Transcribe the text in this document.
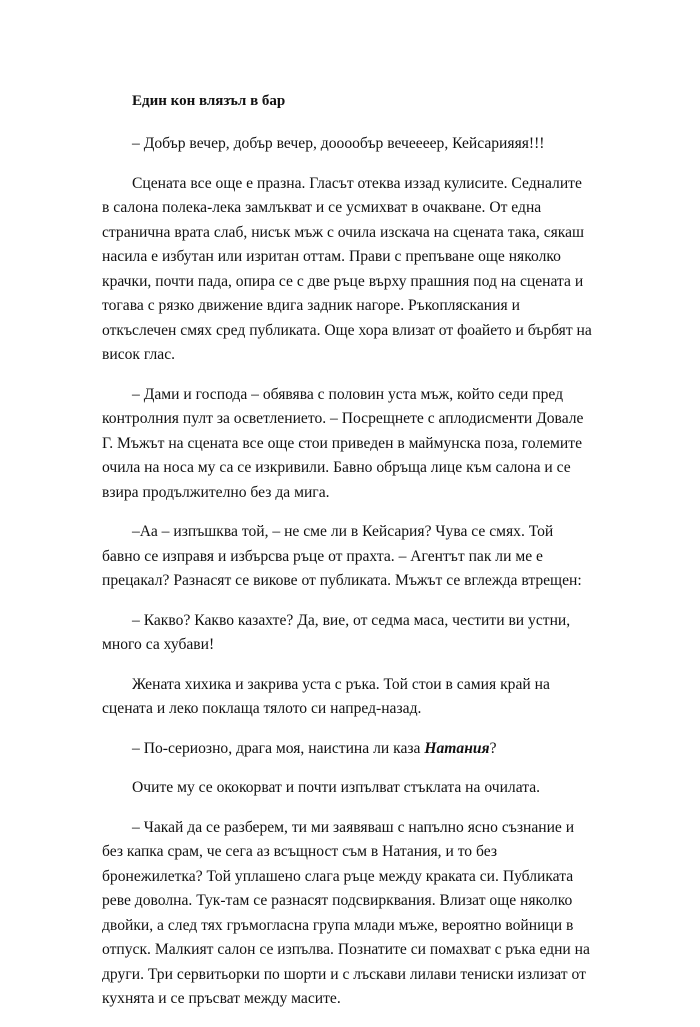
Един кон влязъл в бар
– Добър вечер, добър вечер, дооообър вечеееер, Кейсарияяя!!!
Сцената все още е празна. Гласът отеква иззад кулисите. Седналите
в салона полека-лека замлъкват и се усмихват в очакване. От една
странична врата слаб, нисък мъж с очила изскача на сцената така, сякаш
насила е избутан или изритан оттам. Прави с препъване още няколко
крачки, почти пада, опира се с две ръце върху прашния под на сцената и
тогава с рязко движение вдига задник нагоре. Ръкопляскания и
откъслечен смях сред публиката. Още хора влизат от фоайето и бърбят на
висок глас.
– Дами и господа – обявява с половин уста мъж, който седи пред
контролния пулт за осветлението. – Посрещнете с аплодисменти Довале
Г. Мъжът на сцената все още стои приведен в маймунска поза, големите
очила на носа му са се изкривили. Бавно обръща лице към салона и се
взира продължително без да мига.
–Аа – изпъшква той, – не сме ли в Кейсария? Чува се смях. Той
бавно се изправя и избърсва ръце от прахта. – Агентът пак ли ме е
прецакал? Разнасят се викове от публиката. Мъжът се вглежда втрещен:
– Какво? Какво казахте? Да, вие, от седма маса, честити ви устни,
много са хубави!
Жената хихика и закрива уста с ръка. Той стои в самия край на
сцената и леко поклаща тялото си напред-назад.
– По-сериозно, драга моя, наистина ли каза Натания?
Очите му се ококорват и почти изпълват стъклата на очилата.
– Чакай да се разберем, ти ми заявяваш с напълно ясно съзнание и
без капка срам, че сега аз всъщност съм в Натания, и то без
бронежилетка? Той уплашено слага ръце между краката си. Публиката
реве доволна. Тук-там се разнасят подсвирквания. Влизат още няколко
двойки, а след тях гръмогласна група млади мъже, вероятно войници в
отпуск. Малкият салон се изпълва. Познатите си помахват с ръка едни на
други. Три сервитьорки по шорти и с лъскави лилави тениски излизат от
кухнята и се пръсват между масите.
